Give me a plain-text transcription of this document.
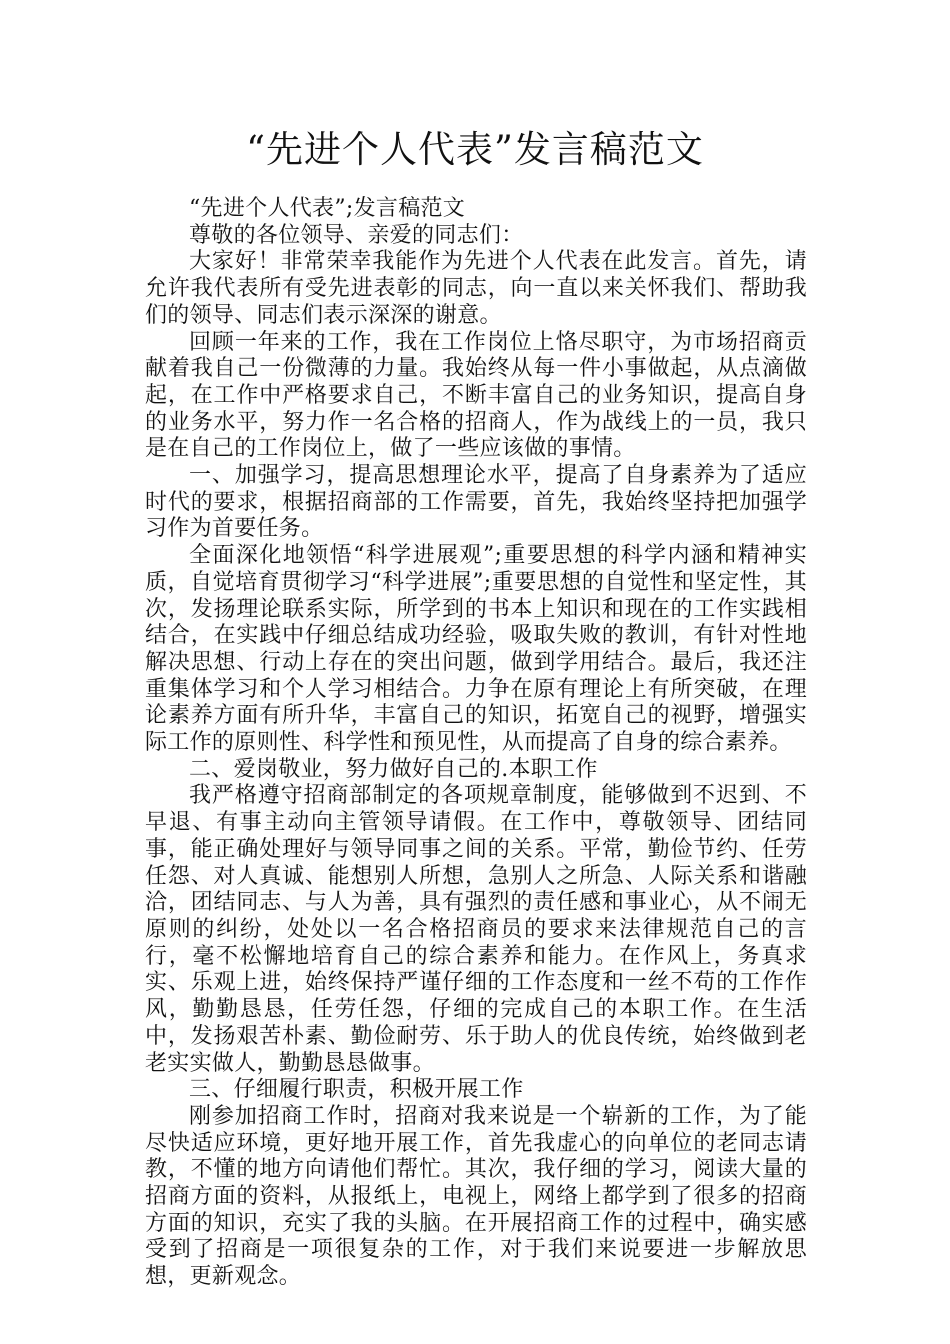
“先进个人代表”发言稿范文

“先进个人代表”;发言稿范文

尊敬的各位领导、亲爱的同志们：

大家好！非常荣幸我能作为先进个人代表在此发言。首先，请允许我代表所有受先进表彰的同志，向一直以来关怀我们、帮助我们的领导、同志们表示深深的谢意。

回顾一年来的工作，我在工作岗位上恪尽职守，为市场招商贡献着我自己一份微薄的力量。我始终从每一件小事做起，从点滴做起，在工作中严格要求自己，不断丰富自己的业务知识，提高自身的业务水平，努力作一名合格的招商人，作为战线上的一员，我只是在自己的工作岗位上，做了一些应该做的事情。

一、加强学习，提高思想理论水平，提高了自身素养为了适应时代的要求，根据招商部的工作需要，首先，我始终坚持把加强学习作为首要任务。

全面深化地领悟“科学进展观”;重要思想的科学内涵和精神实质，自觉培育贯彻学习“科学进展”;重要思想的自觉性和坚定性，其次，发扬理论联系实际，所学到的书本上知识和现在的工作实践相结合，在实践中仔细总结成功经验，吸取失败的教训，有针对性地解决思想、行动上存在的突出问题，做到学用结合。最后，我还注重集体学习和个人学习相结合。力争在原有理论上有所突破，在理论素养方面有所升华，丰富自己的知识，拓宽自己的视野，增强实际工作的原则性、科学性和预见性，从而提高了自身的综合素养。

二、爱岗敬业，努力做好自己的.本职工作

我严格遵守招商部制定的各项规章制度，能够做到不迟到、不早退、有事主动向主管领导请假。在工作中，尊敬领导、团结同事，能正确处理好与领导同事之间的关系。平常，勤俭节约、任劳任怨、对人真诚、能想别人所想，急别人之所急、人际关系和谐融洽，团结同志、与人为善，具有强烈的责任感和事业心，从不闹无原则的纠纷，处处以一名合格招商员的要求来法律规范自己的言行，毫不松懈地培育自己的综合素养和能力。在作风上，务真求实、乐观上进，始终保持严谨仔细的工作态度和一丝不苟的工作作风，勤勤恳恳，任劳任怨，仔细的完成自己的本职工作。在生活中，发扬艰苦朴素、勤俭耐劳、乐于助人的优良传统，始终做到老老实实做人，勤勤恳恳做事。

三、仔细履行职责，积极开展工作

刚参加招商工作时，招商对我来说是一个崭新的工作，为了能尽快适应环境，更好地开展工作，首先我虚心的向单位的老同志请教，不懂的地方向请他们帮忙。其次，我仔细的学习，阅读大量的招商方面的资料，从报纸上，电视上，网络上都学到了很多的招商方面的知识，充实了我的头脑。在开展招商工作的过程中，确实感受到了招商是一项很复杂的工作，对于我们来说要进一步解放思想，更新观念。
